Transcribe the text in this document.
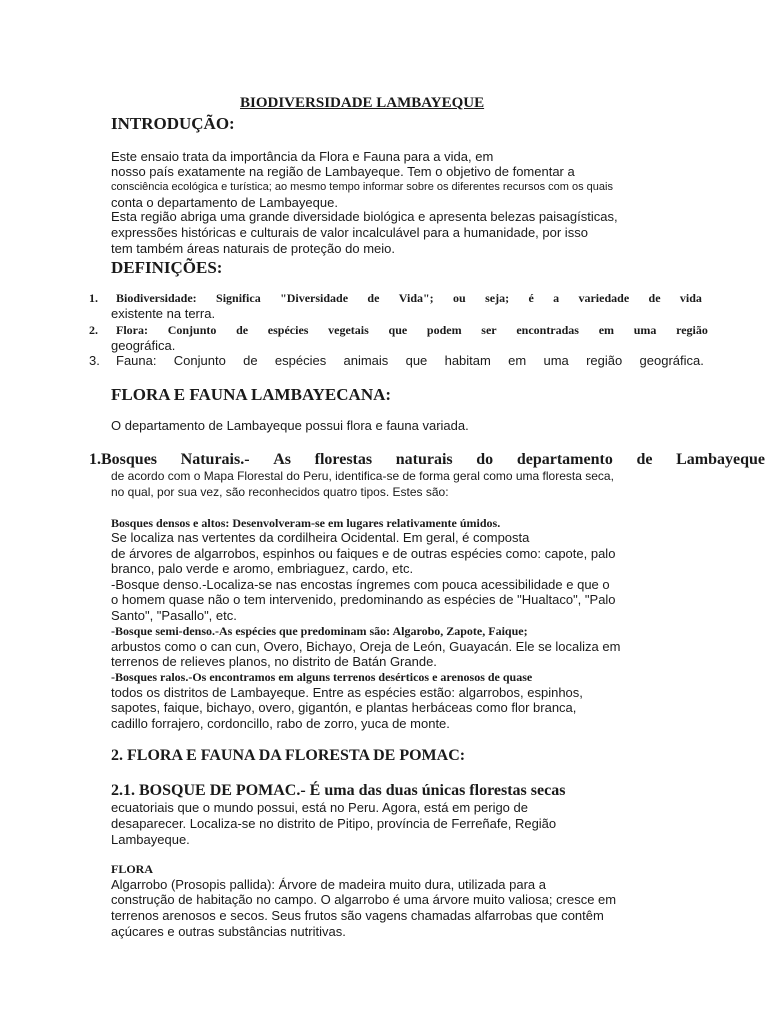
BIODIVERSIDADE LAMBAYEQUE
INTRODUÇÃO:
Este ensaio trata da importância da Flora e Fauna para a vida, em
nosso país exatamente na região de Lambayeque. Tem o objetivo de fomentar a
consciência ecológica e turística; ao mesmo tempo informar sobre os diferentes recursos com os quais
conta o departamento de Lambayeque.
Esta região abriga uma grande diversidade biológica e apresenta belezas paisagísticas,
expressões históricas e culturais de valor incalculável para a humanidade, por isso
tem também áreas naturais de proteção do meio.
DEFINIÇÕES:
1. Biodiversidade: Significa "Diversidade de Vida"; ou seja; é a variedade de vida
existente na terra.
2. Flora: Conjunto de espécies vegetais que podem ser encontradas em uma região
geográfica.
3. Fauna: Conjunto de espécies animais que habitam em uma região geográfica.
FLORA E FAUNA LAMBAYECANA:
O departamento de Lambayeque possui flora e fauna variada.
1.Bosques Naturais.- As florestas naturais do departamento de Lambayeque
de acordo com o Mapa Florestal do Peru, identifica-se de forma geral como uma floresta seca,
no qual, por sua vez, são reconhecidos quatro tipos. Estes são:
Bosques densos e altos: Desenvolveram-se em lugares relativamente úmidos.
Se localiza nas vertentes da cordilheira Ocidental. Em geral, é composta
de árvores de algarrobos, espinhos ou faiques e de outras espécies como: capote, palo
branco, palo verde e aromo, embriaguez, cardo, etc.
-Bosque denso.-Localiza-se nas encostas íngremes com pouca acessibilidade e que o
o homem quase não o tem intervenido, predominando as espécies de "Hualtaco", "Palo
Santo", "Pasallo", etc.
-Bosque semi-denso.-As espécies que predominam são: Algarobo, Zapote, Faique;
arbustos como o can cun, Overo, Bichayo, Oreja de León, Guayacán. Ele se localiza em
terrenos de relieves planos, no distrito de Batán Grande.
-Bosques ralos.-Os encontramos em alguns terrenos desérticos e arenosos de quase
todos os distritos de Lambayeque. Entre as espécies estão: algarrobos, espinhos,
sapotes, faique, bichayo, overo, gigantón, e plantas herbáceas como flor branca,
cadillo forrajero, cordoncillo, rabo de zorro, yuca de monte.
2. FLORA E FAUNA DA FLORESTA DE POMAC:
2.1. BOSQUE DE POMAC.- É uma das duas únicas florestas secas
ecuatoriais que o mundo possui, está no Peru. Agora, está em perigo de
desaparecer. Localiza-se no distrito de Pitipo, província de Ferreñafe, Região
Lambayeque.
FLORA
Algarrobo (Prosopis pallida): Árvore de madeira muito dura, utilizada para a
construção de habitação no campo. O algarrobo é uma árvore muito valiosa; cresce em
terrenos arenosos e secos. Seus frutos são vagens chamadas alfarrobas que contêm
açúcares e outras substâncias nutritivas.
